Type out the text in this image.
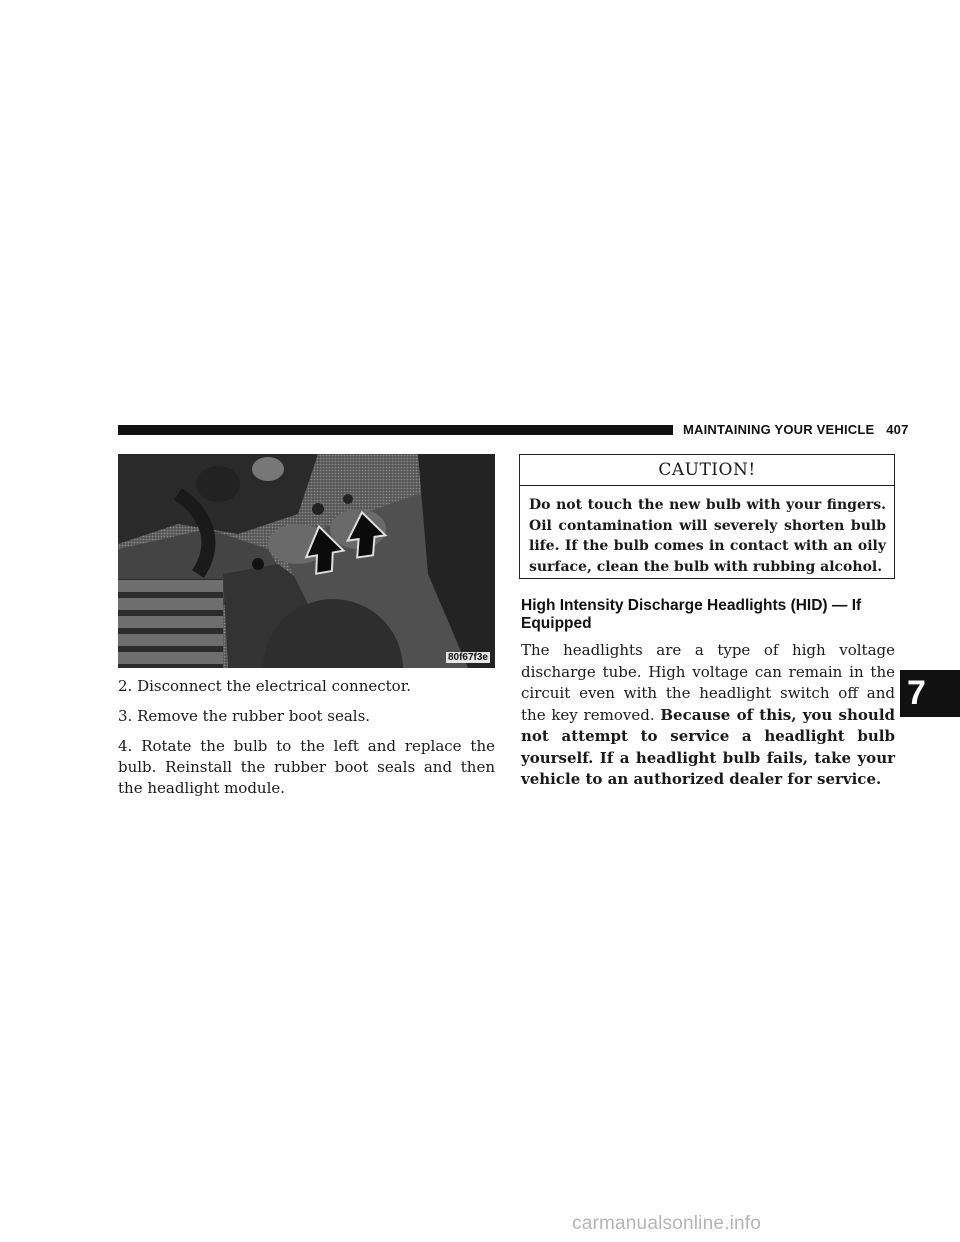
MAINTAINING YOUR VEHICLE 407
80f67f3e

2. Disconnect the electrical connector.

3. Remove the rubber boot seals.

4. Rotate the bulb to the left and replace the bulb. Reinstall the rubber boot seals and then the headlight module.

CAUTION!
Do not touch the new bulb with your fingers. Oil contamination will severely shorten bulb life. If the bulb comes in contact with an oily surface, clean the bulb with rubbing alcohol.
High Intensity Discharge Headlights (HID) — If Equipped
The headlights are a type of high voltage discharge tube. High voltage can remain in the circuit even with the headlight switch off and the key removed. Because of this, you should not attempt to service a headlight bulb yourself. If a headlight bulb fails, take your vehicle to an authorized dealer for service.
7
carmanualsonline.info
